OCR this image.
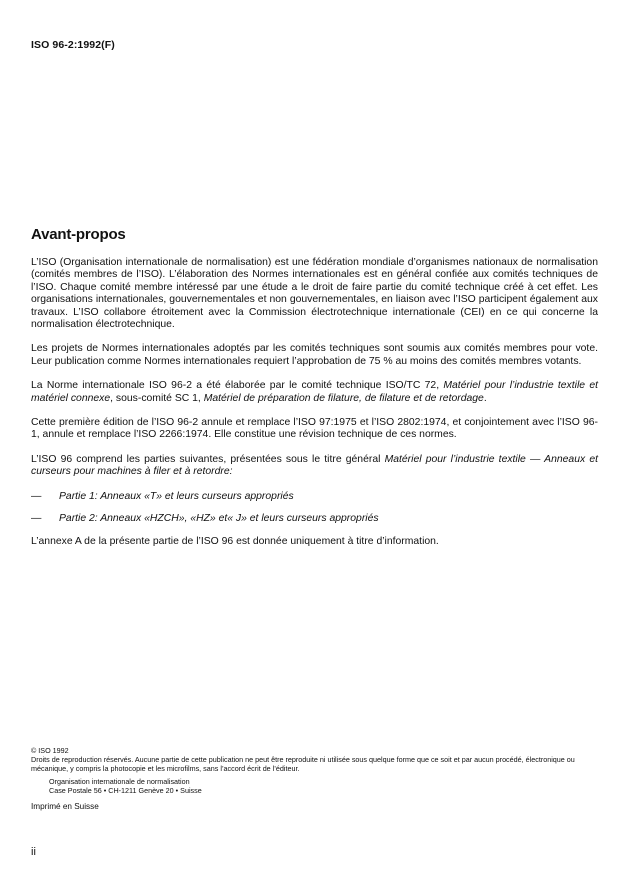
ISO 96-2:1992(F)
Avant-propos

L’ISO (Organisation internationale de normalisation) est une fédération mondiale d’organismes nationaux de normalisation (comités membres de l’ISO). L’élaboration des Normes internationales est en général confiée aux comités techniques de l’ISO. Chaque comité membre intéressé par une étude a le droit de faire partie du comité technique créé à cet effet. Les organisations internationales, gouvernementales et non gouvernementales, en liaison avec l’ISO participent également aux travaux. L’ISO collabore étroitement avec la Commission électrotechnique internationale (CEI) en ce qui concerne la normalisation électrotechnique.

Les projets de Normes internationales adoptés par les comités techniques sont soumis aux comités membres pour vote. Leur publication comme Normes internationales requiert l’approbation de 75 % au moins des comités membres votants.

La Norme internationale ISO 96-2 a été élaborée par le comité technique ISO/TC 72, Matériel pour l’industrie textile et matériel connexe, sous-comité SC 1, Matériel de préparation de filature, de filature et de retordage.

Cette première édition de l’ISO 96-2 annule et remplace l’ISO 97:1975 et l’ISO 2802:1974, et conjointement avec l’ISO 96-1, annule et remplace l’ISO 2266:1974. Elle constitue une révision technique de ces normes.

L’ISO 96 comprend les parties suivantes, présentées sous le titre général Matériel pour l’industrie textile — Anneaux et curseurs pour machines à filer et à retordre:

— Partie 1: Anneaux «T» et leurs curseurs appropriés
— Partie 2: Anneaux «HZCH», «HZ» et« J» et leurs curseurs appropriés

L’annexe A de la présente partie de l’ISO 96 est donnée uniquement à titre d’information.

© ISO 1992
Droits de reproduction réservés. Aucune partie de cette publication ne peut être reproduite ni utilisée sous quelque forme que ce soit et par aucun procédé, électronique ou mécanique, y compris la photocopie et les microfilms, sans l’accord écrit de l’éditeur.
Organisation internationale de normalisation
Case Postale 56 • CH-1211 Genève 20 • Suisse
Imprimé en Suisse
ii
